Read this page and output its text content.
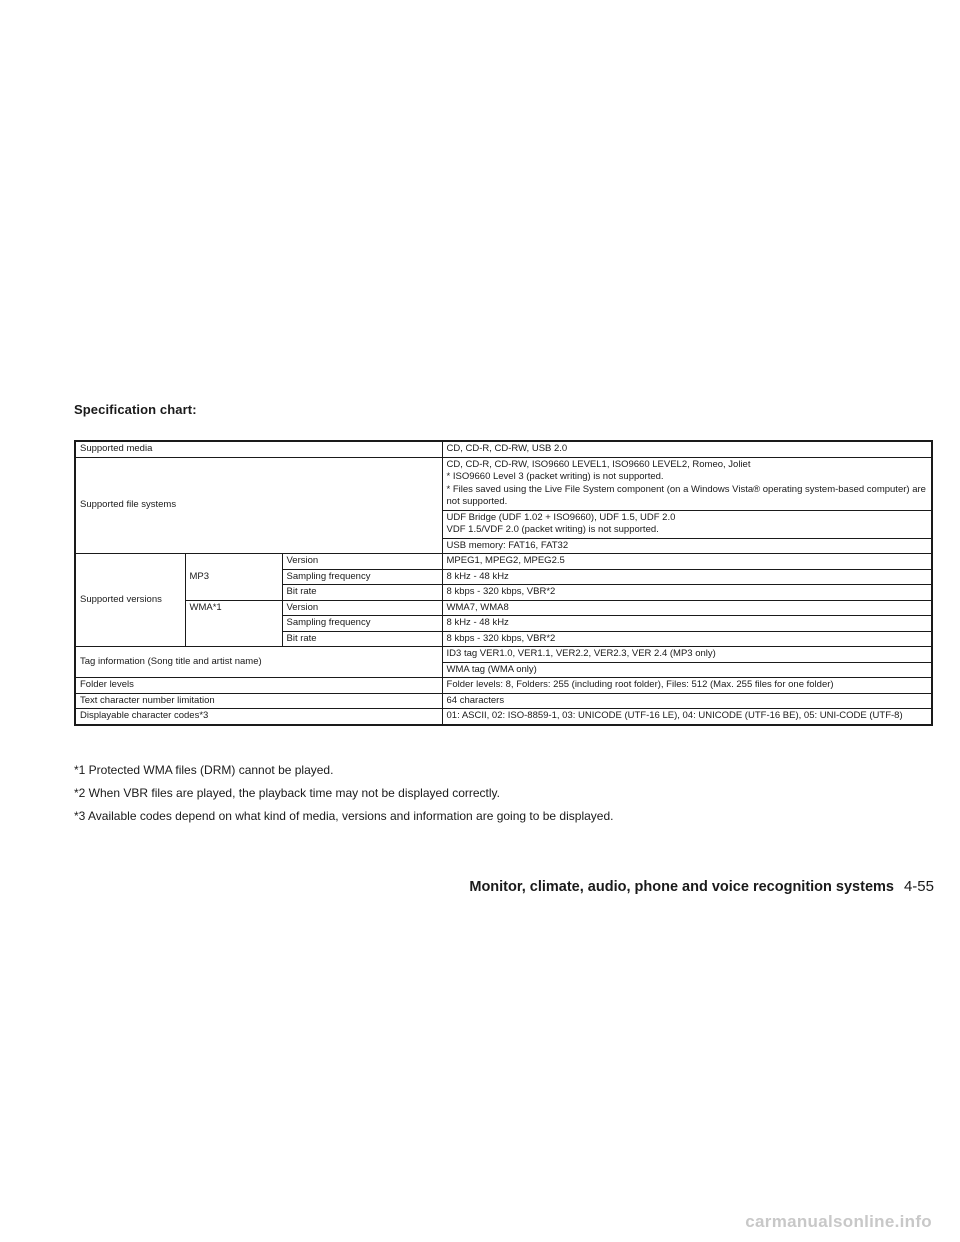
Specification chart:
Supported media			CD, CD-R, CD-RW, USB 2.0
Supported file systems			CD, CD-R, CD-RW, ISO9660 LEVEL1, ISO9660 LEVEL2, Romeo, Joliet
* ISO9660 Level 3 (packet writing) is not supported.
* Files saved using the Live File System component (on a Windows Vista® operating system-based computer) are not supported.

			UDF Bridge (UDF 1.02 + ISO9660), UDF 1.5, UDF 2.0
VDF 1.5/VDF 2.0 (packet writing) is not supported.

			USB memory: FAT16, FAT32
Supported versions	MP3	Version	MPEG1, MPEG2, MPEG2.5
		Sampling frequency	8 kHz - 48 kHz
		Bit rate	8 kbps - 320 kbps, VBR*2
	WMA*1	Version	WMA7, WMA8
		Sampling frequency	8 kHz - 48 kHz
		Bit rate	8 kbps - 320 kbps, VBR*2
Tag information (Song title and artist name)			ID3 tag VER1.0, VER1.1, VER2.2, VER2.3, VER 2.4 (MP3 only)
			WMA tag (WMA only)
Folder levels			Folder levels: 8, Folders: 255 (including root folder), Files: 512 (Max. 255 files for one folder)
Text character number limitation			64 characters
Displayable character codes*3			01: ASCII, 02: ISO-8859-1, 03: UNICODE (UTF-16 LE), 04: UNICODE (UTF-16 BE), 05: UNI-CODE (UTF-8)

*1 Protected WMA files (DRM) cannot be played.

*2 When VBR files are played, the playback time may not be displayed correctly.

*3 Available codes depend on what kind of media, versions and information are going to be displayed.

Monitor, climate, audio, phone and voice recognition systems 4-55
carmanualsonline.info
